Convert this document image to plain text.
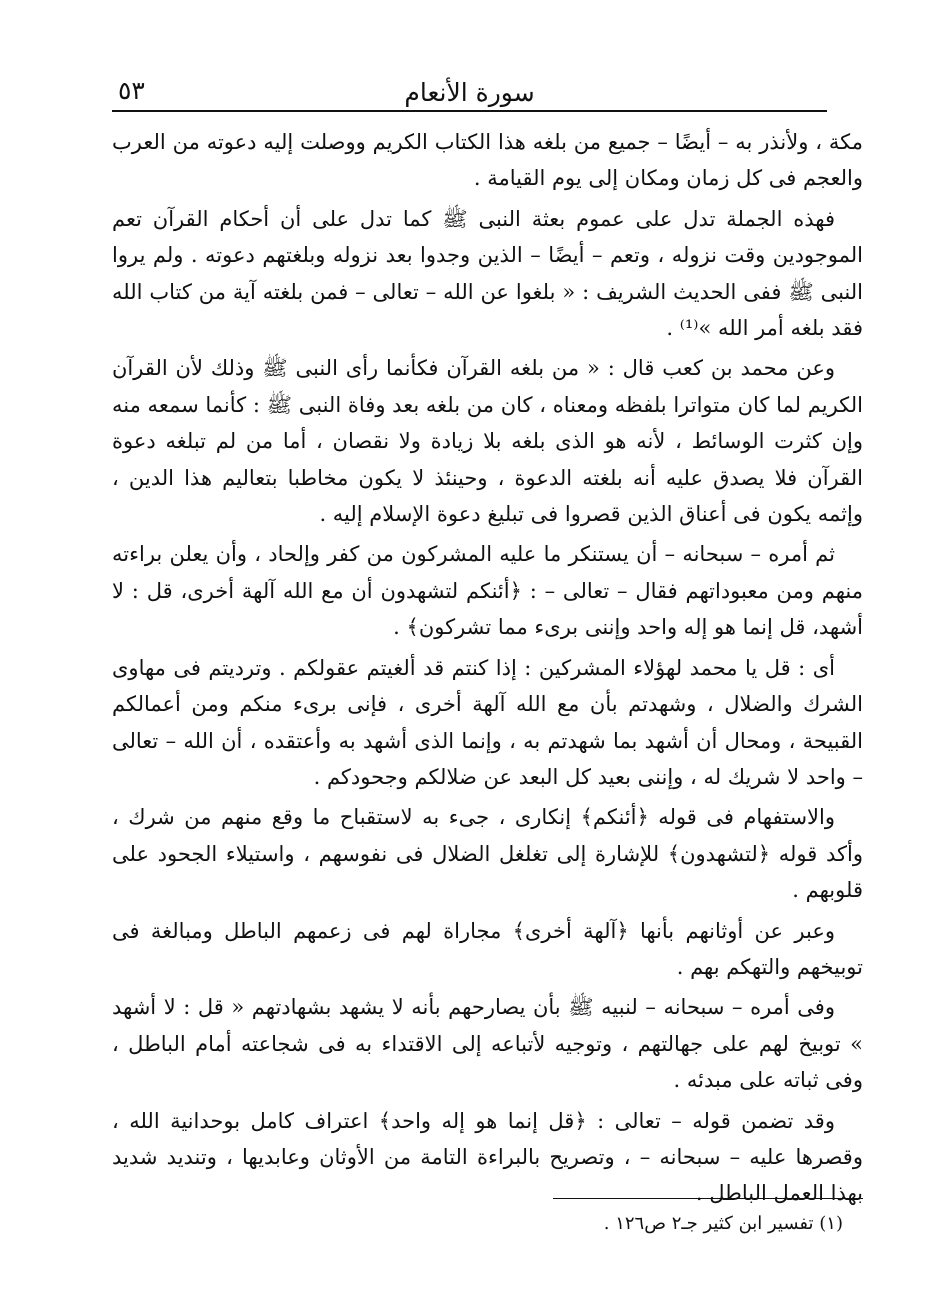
سورة الأنعام
٥٣

مكة ، ولأنذر به – أيضًا – جميع من بلغه هذا الكتاب الكريم ووصلت إليه دعوته من العرب والعجم فى كل زمان ومكان إلى يوم القيامة .

فهذه الجملة تدل على عموم بعثة النبى ﷺ كما تدل على أن أحكام القرآن تعم الموجودين وقت نزوله ، وتعم – أيضًا – الذين وجدوا بعد نزوله وبلغتهم دعوته . ولم يروا النبى ﷺ ففى الحديث الشريف : « بلغوا عن الله – تعالى – فمن بلغته آية من كتاب الله فقد بلغه أمر الله »⁽¹⁾ .

وعن محمد بن كعب قال : « من بلغه القرآن فكأنما رأى النبى ﷺ وذلك لأن القرآن الكريم لما كان متواترا بلفظه ومعناه ، كان من بلغه بعد وفاة النبى ﷺ : كأنما سمعه منه وإن كثرت الوسائط ، لأنه هو الذى بلغه بلا زيادة ولا نقصان ، أما من لم تبلغه دعوة القرآن فلا يصدق عليه أنه بلغته الدعوة ، وحينئذ لا يكون مخاطبا بتعاليم هذا الدين ، وإثمه يكون فى أعناق الذين قصروا فى تبليغ دعوة الإسلام إليه .

ثم أمره – سبحانه – أن يستنكر ما عليه المشركون من كفر وإلحاد ، وأن يعلن براءته منهم ومن معبوداتهم فقال – تعالى – : ﴿أئنكم لتشهدون أن مع الله آلهة أخرى، قل : لا أشهد، قل إنما هو إله واحد وإننى برىء مما تشركون﴾ .

أى : قل يا محمد لهؤلاء المشركين : إذا كنتم قد ألغيتم عقولكم . وترديتم فى مهاوى الشرك والضلال ، وشهدتم بأن مع الله آلهة أخرى ، فإنى برىء منكم ومن أعمالكم القبيحة ، ومحال أن أشهد بما شهدتم به ، وإنما الذى أشهد به وأعتقده ، أن الله – تعالى – واحد لا شريك له ، وإننى بعيد كل البعد عن ضلالكم وجحودكم .

والاستفهام فى قوله ﴿أئنكم﴾ إنكارى ، جىء به لاستقباح ما وقع منهم من شرك ، وأكد قوله ﴿لتشهدون﴾ للإشارة إلى تغلغل الضلال فى نفوسهم ، واستيلاء الجحود على قلوبهم .

وعبر عن أوثانهم بأنها ﴿آلهة أخرى﴾ مجاراة لهم فى زعمهم الباطل ومبالغة فى توبيخهم والتهكم بهم .

وفى أمره – سبحانه – لنبيه ﷺ بأن يصارحهم بأنه لا يشهد بشهادتهم « قل : لا أشهد » توبيخ لهم على جهالتهم ، وتوجيه لأتباعه إلى الاقتداء به فى شجاعته أمام الباطل ، وفى ثباته على مبدئه .

وقد تضمن قوله – تعالى : ﴿قل إنما هو إله واحد﴾ اعتراف كامل بوحدانية الله ، وقصرها عليه – سبحانه – ، وتصريح بالبراءة التامة من الأوثان وعابديها ، وتنديد شديد بهذا العمل الباطل .

(١) تفسير ابن كثير جـ٢ ص١٢٦ .
